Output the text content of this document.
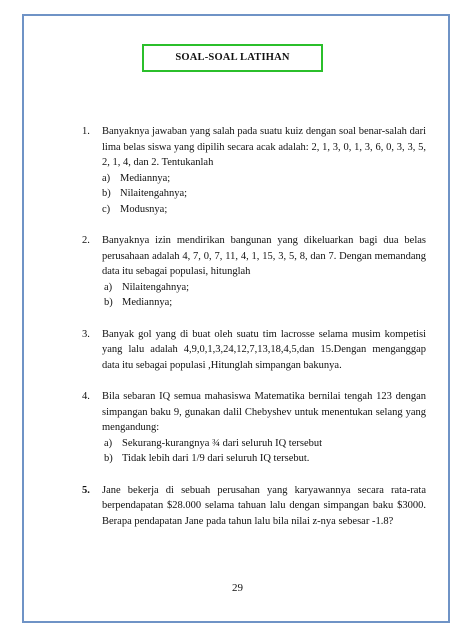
SOAL-SOAL LATIHAN
1. Banyaknya jawaban yang salah pada suatu kuiz dengan soal benar-salah dari lima belas siswa yang dipilih secara acak adalah: 2, 1, 3, 0, 1, 3, 6, 0, 3, 3, 5, 2, 1, 4, dan 2. Tentukanlah
a) Mediannya;
b) Nilaitengahnya;
c) Modusnya;
2. Banyaknya izin mendirikan bangunan yang dikeluarkan bagi dua belas perusahaan adalah 4, 7, 0, 7, 11, 4, 1, 15, 3, 5, 8, dan 7. Dengan memandang data itu sebagai populasi, hitunglah
a) Nilaitengahnya;
b) Mediannya;
3. Banyak gol yang di buat oleh suatu tim lacrosse selama musim kompetisi yang lalu adalah 4,9,0,1,3,24,12,7,13,18,4,5,dan 15.Dengan menganggap data itu sebagai populasi ,Hitunglah simpangan bakunya.
4. Bila sebaran IQ semua mahasiswa Matematika bernilai tengah 123 dengan simpangan baku 9, gunakan dalil Chebyshev untuk menentukan selang yang mengandung:
a) Sekurang-kurangnya ¾ dari seluruh IQ tersebut
b) Tidak lebih dari 1/9 dari seluruh IQ tersebut.
5. Jane bekerja di sebuah perusahan yang karyawannya secara rata-rata berpendapatan $28.000 selama tahuan lalu dengan simpangan baku $3000. Berapa pendapatan Jane pada tahun lalu bila nilai z-nya sebesar -1.8?
29
